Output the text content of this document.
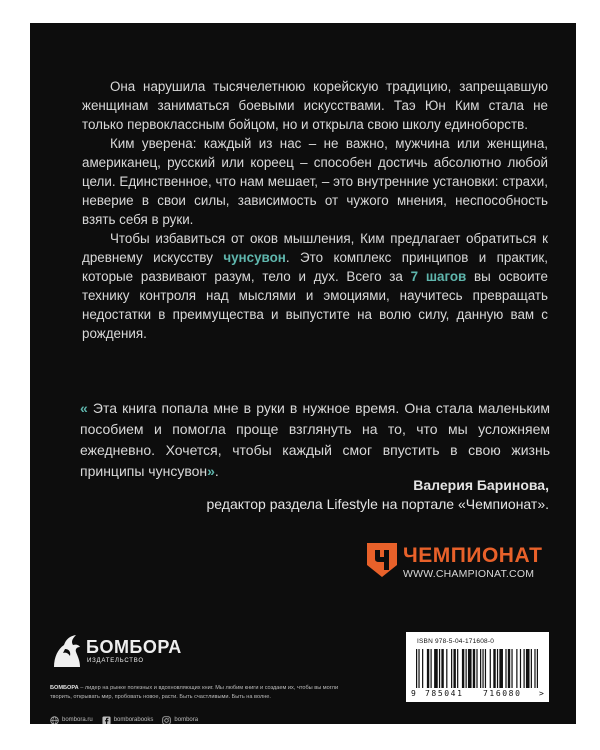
Она нарушила тысячелетнюю корейскую традицию, запрещавшую женщинам заниматься боевыми искусствами. Таэ Юн Ким стала не только первоклассным бойцом, но и открыла свою школу единоборств.

Ким уверена: каждый из нас – не важно, мужчина или женщина, американец, русский или кореец – способен достичь абсолютно любой цели. Единственное, что нам мешает, – это внутренние установки: страхи, неверие в свои силы, зависимость от чужого мнения, неспособность взять себя в руки.

Чтобы избавиться от оков мышления, Ким предлагает обратиться к древнему искусству чунсувон. Это комплекс принципов и практик, которые развивают разум, тело и дух. Всего за 7 шагов вы освоите технику контроля над мыслями и эмоциями, научитесь превращать недостатки в преимущества и выпустите на волю силу, данную вам с рождения.

« Эта книга попала мне в руки в нужное время. Она стала маленьким пособием и помогла проще взглянуть на то, что мы усложняем ежедневно. Хочется, чтобы каждый смог впустить в свою жизнь принципы чунсувон».
Валерия Баринова,
редактор раздела Lifestyle на портале «Чемпионат».
ЧЕМПИОНАТ
WWW.CHAMPIONAT.COM
БОМБОРА
ИЗДАТЕЛЬСТВО
БОМБОРА – лидер на рынке полезных и вдохновляющих книг. Мы любим книги и создаем их, чтобы вы могли творить, открывать мир, пробовать новое, расти. Быть счастливыми. Быть на волне.
bombora.ru	bomborabooks	bombora
ISBN 978-5-04-171608-0
9 785041 716080 >
